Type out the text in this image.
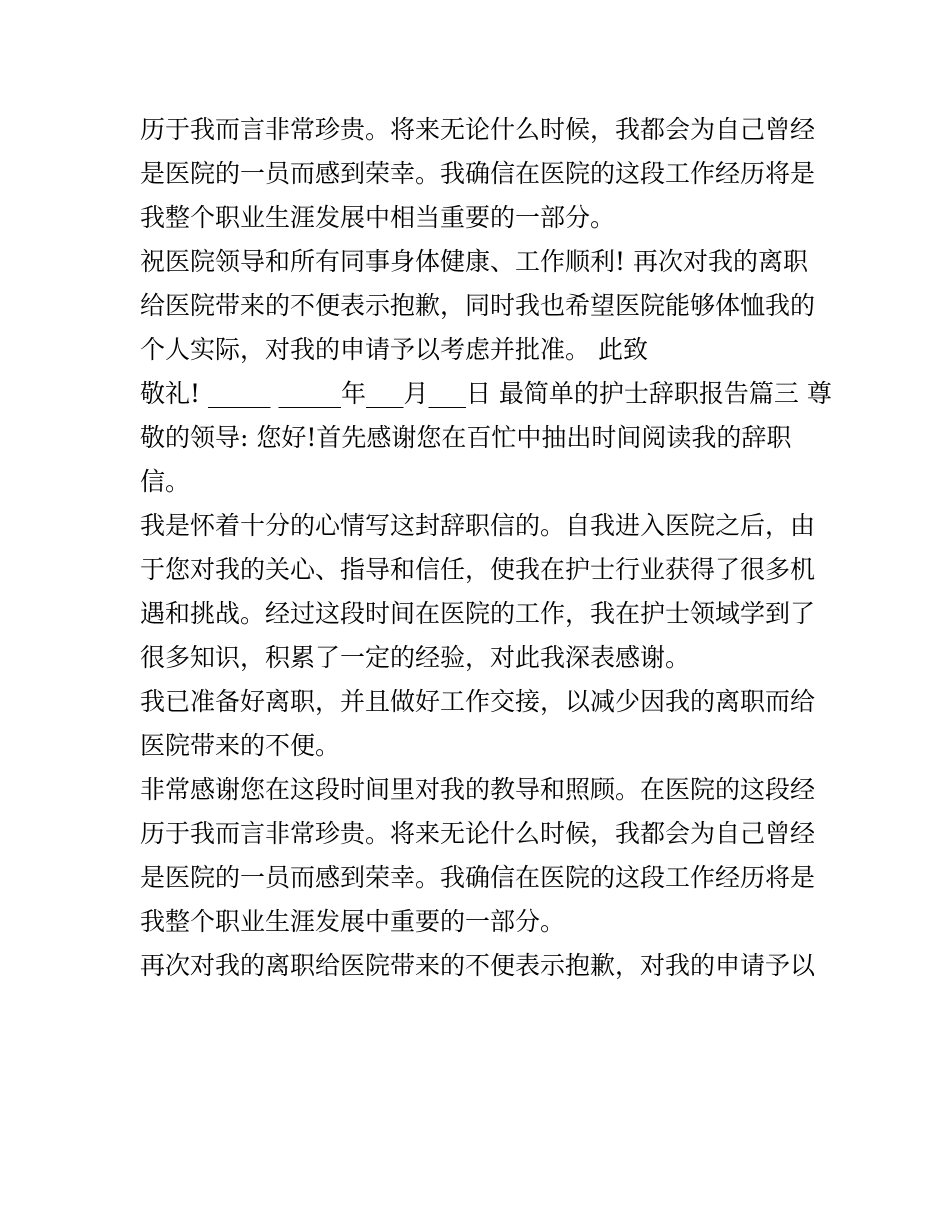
历于我而言非常珍贵。将来无论什么时候，我都会为自己曾经

是医院的一员而感到荣幸。我确信在医院的这段工作经历将是

我整个职业生涯发展中相当重要的一部分。

祝医院领导和所有同事身体健康、工作顺利! 再次对我的离职

给医院带来的不便表示抱歉，同时我也希望医院能够体恤我的

个人实际，对我的申请予以考虑并批准。 此致

敬礼! _____ _____年___月___日 最简单的护士辞职报告篇三 尊

敬的领导: 您好!首先感谢您在百忙中抽出时间阅读我的辞职

信。

我是怀着十分的心情写这封辞职信的。自我进入医院之后，由

于您对我的关心、指导和信任，使我在护士行业获得了很多机

遇和挑战。经过这段时间在医院的工作，我在护士领域学到了

很多知识，积累了一定的经验，对此我深表感谢。

我已准备好离职，并且做好工作交接，以减少因我的离职而给

医院带来的不便。

非常感谢您在这段时间里对我的教导和照顾。在医院的这段经

历于我而言非常珍贵。将来无论什么时候，我都会为自己曾经

是医院的一员而感到荣幸。我确信在医院的这段工作经历将是

我整个职业生涯发展中重要的一部分。

再次对我的离职给医院带来的不便表示抱歉，对我的申请予以
